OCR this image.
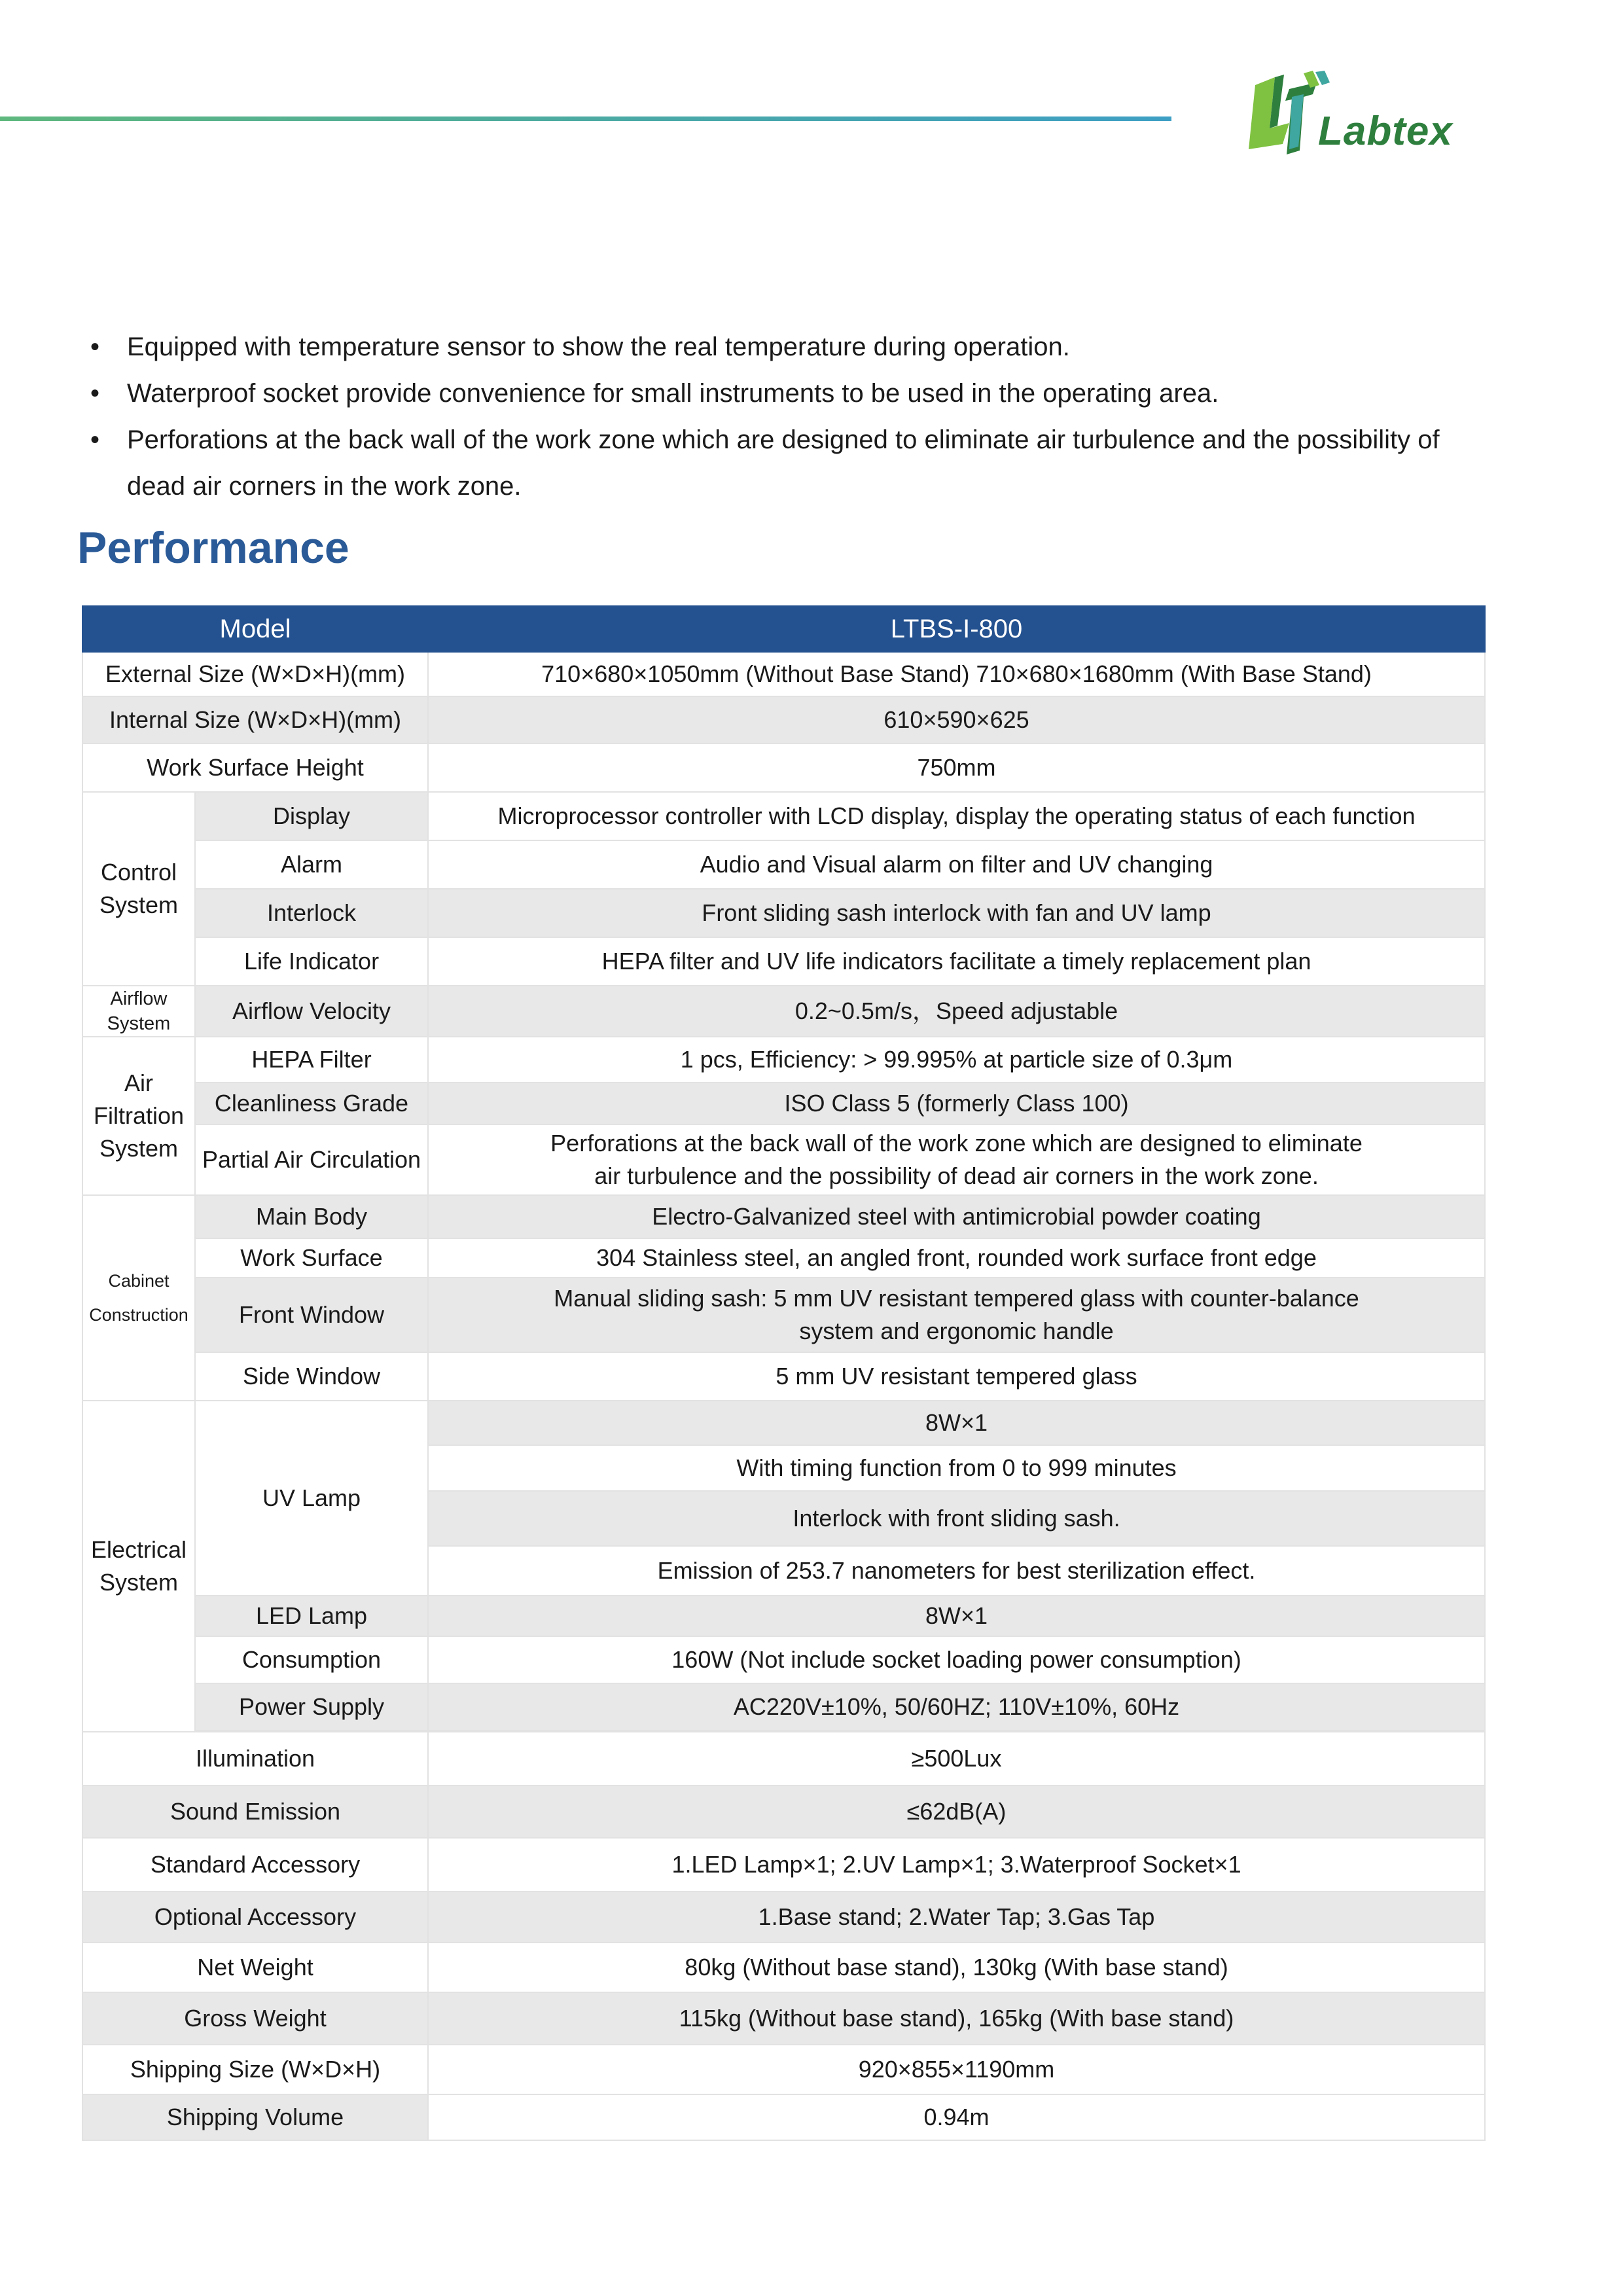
Labtex
• Equipped with temperature sensor to show the real temperature during operation.
• Waterproof socket provide convenience for small instruments to be used in the operating area.
• Perforations at the back wall of the work zone which are designed to eliminate air turbulence and the possibility of dead air corners in the work zone.
Performance
Model		LTBS-I-800
External Size (W×D×H)(mm)		710×680×1050mm (Without Base Stand) 710×680×1680mm (With Base Stand)
Internal Size (W×D×H)(mm)		610×590×625
Work Surface Height		750mm
Control System	Display	Microprocessor controller with LCD display, display the operating status of each function
	Alarm	Audio and Visual alarm on filter and UV changing
	Interlock	Front sliding sash interlock with fan and UV lamp
	Life Indicator	HEPA filter and UV life indicators facilitate a timely replacement plan
Airflow System	Airflow Velocity	0.2~0.5m/s，Speed adjustable
Air Filtration System	HEPA Filter	1 pcs, Efficiency: > 99.995% at particle size of 0.3μm
	Cleanliness Grade	ISO Class 5 (formerly Class 100)
	Partial Air Circulation	Perforations at the back wall of the work zone which are designed to eliminate
air turbulence and the possibility of dead air corners in the work zone.
Cabinet Construction	Main Body	Electro-Galvanized steel with antimicrobial powder coating
	Work Surface	304 Stainless steel, an angled front, rounded work surface front edge
	Front Window	Manual sliding sash: 5 mm UV resistant tempered glass with counter-balance
system and ergonomic handle
	Side Window	5 mm UV resistant tempered glass
Electrical System	UV Lamp	8W×1
		With timing function from 0 to 999 minutes
		Interlock with front sliding sash.
		Emission of 253.7 nanometers for best sterilization effect.
	LED Lamp	8W×1
	Consumption	160W (Not include socket loading power consumption)
	Power Supply	AC220V±10%, 50/60HZ; 110V±10%, 60Hz

Illumination		≥500Lux
Sound Emission		≤62dB(A)
Standard Accessory		1.LED Lamp×1; 2.UV Lamp×1; 3.Waterproof Socket×1
Optional Accessory		1.Base stand; 2.Water Tap; 3.Gas Tap
Net Weight		80kg (Without base stand), 130kg (With base stand)
Gross Weight		115kg (Without base stand), 165kg (With base stand)
Shipping Size (W×D×H)		920×855×1190mm
Shipping Volume		0.94m
